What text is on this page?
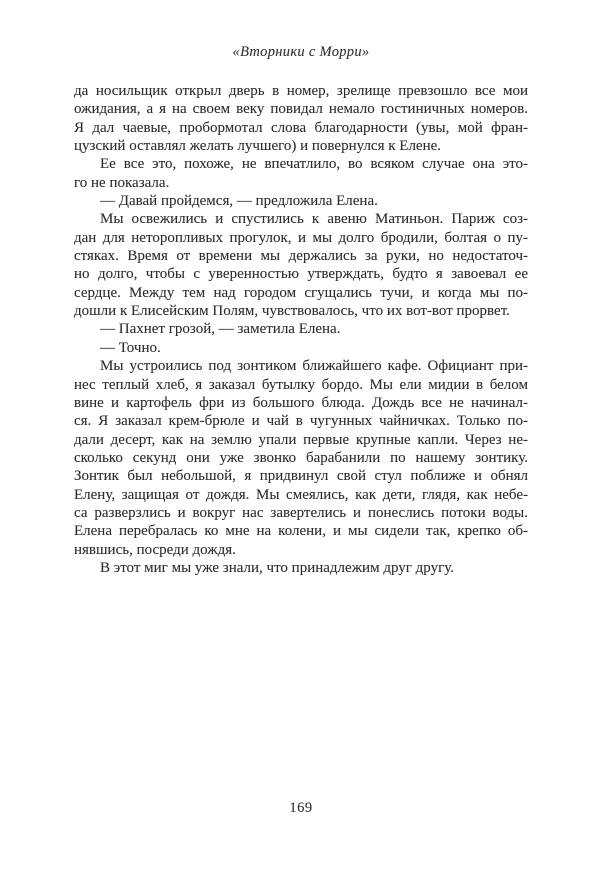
«Вторники с Морри»
да носильщик открыл дверь в номер, зрелище превзошло все мои
ожидания, а я на своем веку повидал немало гостиничных номеров.
Я дал чаевые, пробормотал слова благодарности (увы, мой фран-
цузский оставлял желать лучшего) и повернулся к Елене.
Ее все это, похоже, не впечатлило, во всяком случае она это-
го не показала.
— Давай пройдемся, — предложила Елена.
Мы освежились и спустились к авеню Матиньон. Париж соз-
дан для неторопливых прогулок, и мы долго бродили, болтая о пу-
стяках. Время от времени мы держались за руки, но недостаточ-
но долго, чтобы с уверенностью утверждать, будто я завоевал ее
сердце. Между тем над городом сгущались тучи, и когда мы по-
дошли к Елисейским Полям, чувствовалось, что их вот-вот прорвет.
— Пахнет грозой, — заметила Елена.
— Точно.
Мы устроились под зонтиком ближайшего кафе. Официант при-
нес теплый хлеб, я заказал бутылку бордо. Мы ели мидии в белом
вине и картофель фри из большого блюда. Дождь все не начинал-
ся. Я заказал крем-брюле и чай в чугунных чайничках. Только по-
дали десерт, как на землю упали первые крупные капли. Через не-
сколько секунд они уже звонко барабанили по нашему зонтику.
Зонтик был небольшой, я придвинул свой стул поближе и обнял
Елену, защищая от дождя. Мы смеялись, как дети, глядя, как небе-
са разверзлись и вокруг нас завертелись и понеслись потоки воды.
Елена перебралась ко мне на колени, и мы сидели так, крепко об-
нявшись, посреди дождя.
В этот миг мы уже знали, что принадлежим друг другу.
169
